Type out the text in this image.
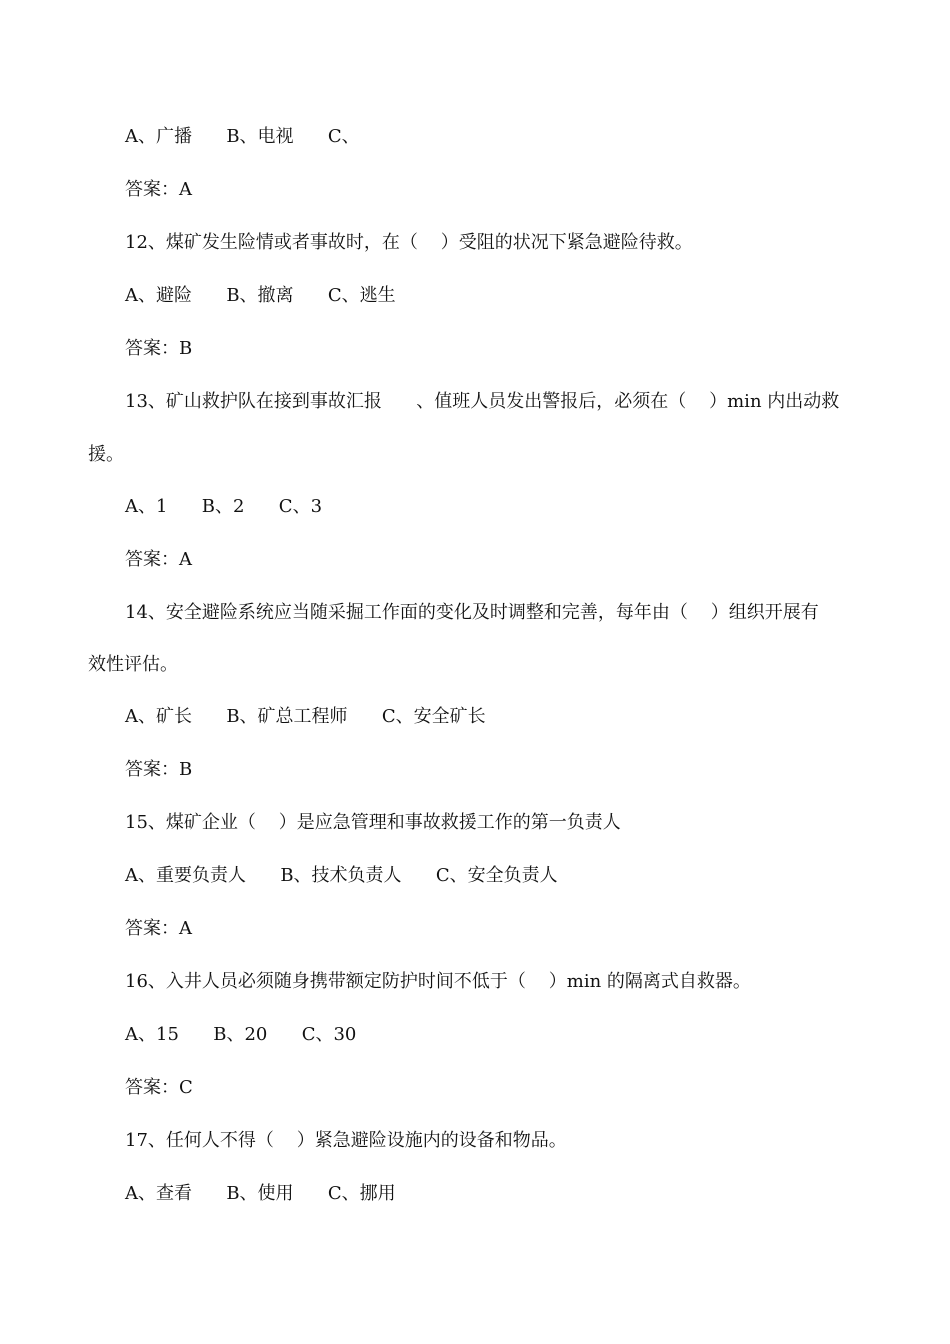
A、广播      B、电视      C、
答案：A
12、煤矿发生险情或者事故时，在（    ）受阻的状况下紧急避险待救。
A、避险      B、撤离      C、逃生
答案：B
13、矿山救护队在接到事故汇报      、值班人员发出警报后，必须在（    ）min 内出动救
援。
A、1      B、2      C、3
答案：A
14、安全避险系统应当随采掘工作面的变化及时调整和完善，每年由（    ）组织开展有
效性评估。
A、矿长      B、矿总工程师      C、安全矿长
答案：B
15、煤矿企业（    ）是应急管理和事故救援工作的第一负责人
A、重要负责人      B、技术负责人      C、安全负责人
答案：A
16、入井人员必须随身携带额定防护时间不低于（    ）min 的隔离式自救器。
A、15      B、20      C、30
答案：C
17、任何人不得（    ）紧急避险设施内的设备和物品。
A、查看      B、使用      C、挪用
